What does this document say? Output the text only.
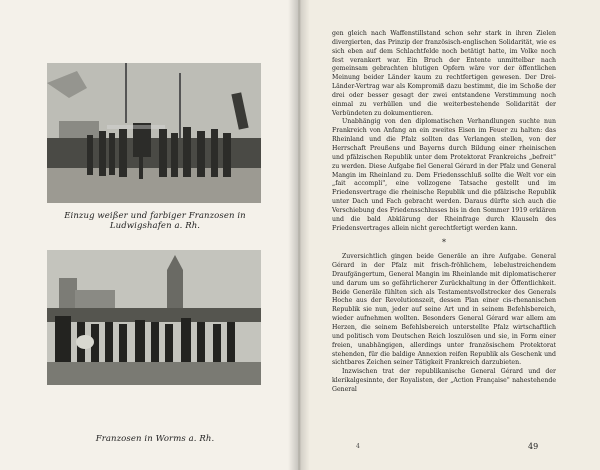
Einzug weißer und farbiger Franzosen in Ludwigshafen a. Rh.
Franzosen in Worms a. Rh.

gen gleich nach Waffenstillstand schon sehr stark in ihren Zielen divergierten, das Prinzip der französisch-englischen Solidarität, wie es sich eben auf dem Schlachtfelde noch betätigt hatte, im Volke noch fest verankert war. Ein Bruch der Entente unmittelbar nach gemeinsam gebrachten blutigen Opfern wäre vor der öffentlichen Meinung beider Länder kaum zu rechtfertigen gewesen. Der Drei-Länder-Vertrag war als Kompromiß dazu bestimmt, die im Schoße der drei oder besser gesagt der zwei entstandene Verstimmung noch einmal zu verhüllen und die weiterbestehende Solidarität der Verbündeten zu dokumentieren.

Unabhängig von den diplomatischen Verhandlungen suchte nun Frankreich von Anfang an ein zweites Eisen im Feuer zu halten: das Rheinland und die Pfalz sollten das Verlangen stellen, von der Herrschaft Preußens und Bayerns durch Bildung einer rheinischen und pfälzischen Republik unter dem Protektorat Frankreichs „befreit" zu werden. Diese Aufgabe fiel General Gérard in der Pfalz und General Mangin im Rheinland zu. Dem Friedensschluß sollte die Welt vor ein „fait accompli", eine vollzogene Tatsache gestellt und im Friedensvertrage die rheinische Republik und die pfälzische Republik unter Dach und Fach gebracht werden. Daraus dürfte sich auch die Verschiebung des Friedensschlusses bis in den Sommer 1919 erklären und die bald Abklärung der Rheinfrage durch Klauseln des Friedensvertrages allein nicht gerechtfertigt werden kann.

*

Zuversichtlich gingen beide Generäle an ihre Aufgabe. General Gérard in der Pfalz mit frisch-fröhlichem, lebelustreichendem Draufgängertum, General Mangin im Rheinlande mit diplomatischerer und darum um so gefährlicherer Zurückhaltung in der Öffentlichkeit. Beide Generäle fühlten sich als Testamentsvollstrecker des Generals Hoche aus der Revolutionszeit, dessen Plan einer cis-rhenanischen Republik sie nun, jeder auf seine Art und in seinem Befehlsbereich, wieder aufnehmen wollten. Besonders General Gérard war allem am Herzen, die seinem Befehlsbereich unterstellte Pfalz wirtschaftlich und politisch vom Deutschen Reich loszulösen und sie, in Form einer freien, unabhängigen, allerdings unter französischem Protektorat stehenden, für die baldige Annexion reifen Republik als Geschenk und sichtbares Zeichen seiner Tätigkeit Frankreich darzubieten.

Inzwischen trat der republikanische General Gérard und der klerikalgesinnte, der Royalisten, der „Action Française" nahestehende General

4	49
